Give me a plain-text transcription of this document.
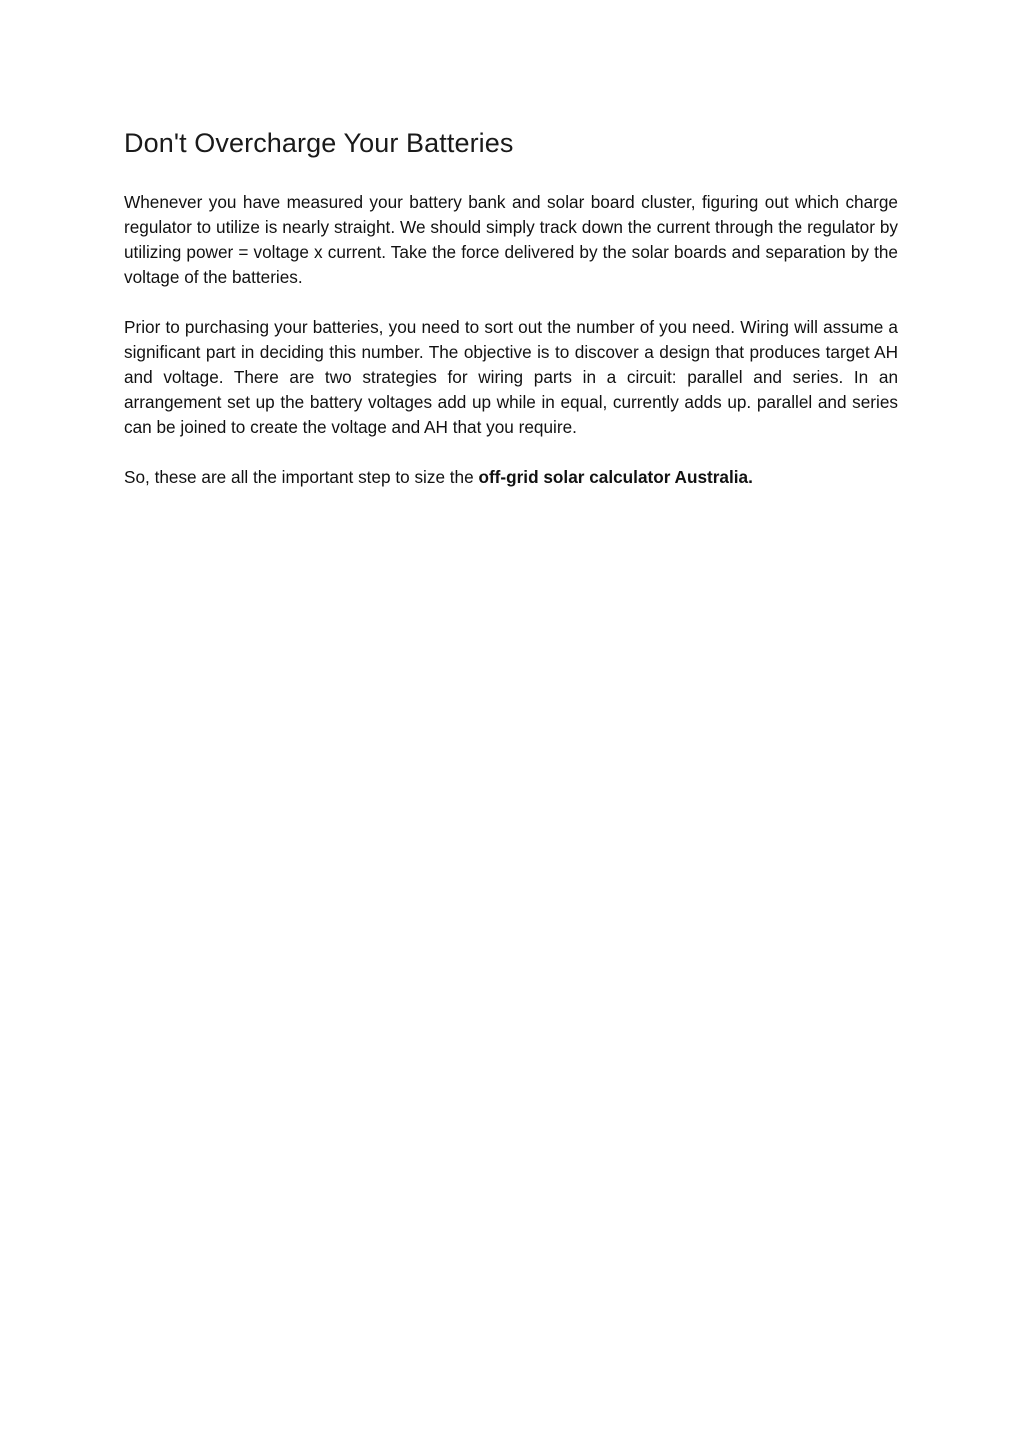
Don't Overcharge Your Batteries

Whenever you have measured your battery bank and solar board cluster, figuring out which charge regulator to utilize is nearly straight. We should simply track down the current through the regulator by utilizing power = voltage x current. Take the force delivered by the solar boards and separation by the voltage of the batteries.

Prior to purchasing your batteries, you need to sort out the number of you need. Wiring will assume a significant part in deciding this number. The objective is to discover a design that produces target AH and voltage. There are two strategies for wiring parts in a circuit: parallel and series. In an arrangement set up the battery voltages add up while in equal, currently adds up. parallel and series can be joined to create the voltage and AH that you require.

So, these are all the important step to size the off-grid solar calculator Australia.
